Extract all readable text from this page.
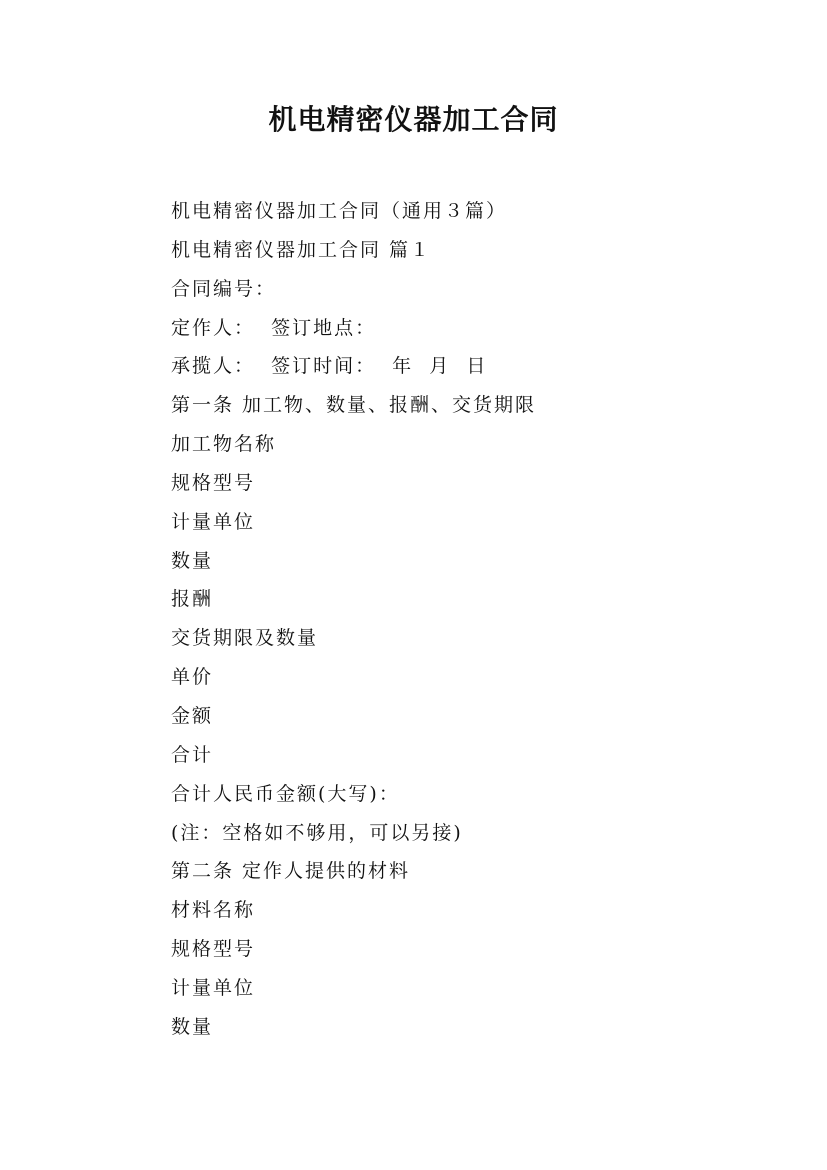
机电精密仪器加工合同
机电精密仪器加工合同（通用３篇）
机电精密仪器加工合同 篇１
合同编号：
定作人：  签订地点：
承揽人：  签订时间：  年  月  日
第一条 加工物、数量、报酬、交货期限
加工物名称
规格型号
计量单位
数量
报酬
交货期限及数量
单价
金额
合计
合计人民币金额(大写)：
(注：空格如不够用，可以另接)
第二条 定作人提供的材料
材料名称
规格型号
计量单位
数量
